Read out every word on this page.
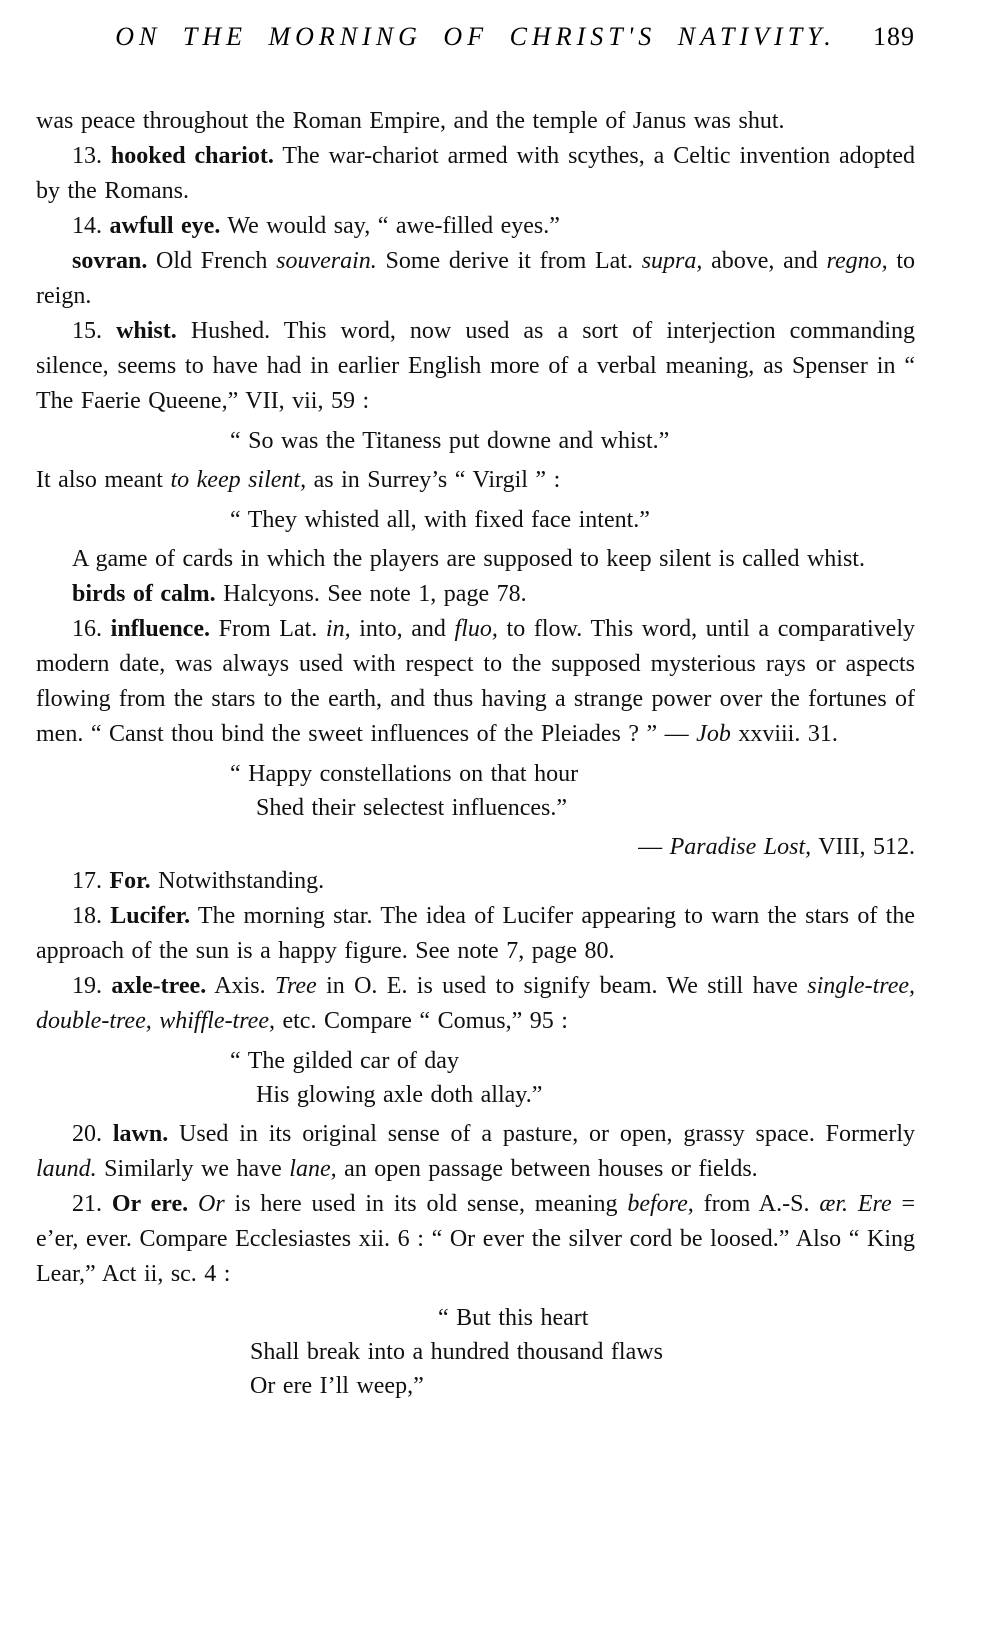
ON THE MORNING OF CHRIST'S NATIVITY. 189

was peace throughout the Roman Empire, and the temple of Janus was shut.

13. hooked chariot. The war-chariot armed with scythes, a Celtic invention adopted by the Romans.

14. awfull eye. We would say, “ awe-filled eyes.”

sovran. Old French souverain. Some derive it from Lat. supra, above, and regno, to reign.

15. whist. Hushed. This word, now used as a sort of interjection commanding silence, seems to have had in earlier English more of a verbal meaning, as Spenser in “ The Faerie Queene,” VII, vii, 59 :

“ So was the Titaness put downe and whist.”

It also meant to keep silent, as in Surrey’s “ Virgil ” :

“ They whisted all, with fixed face intent.”

A game of cards in which the players are supposed to keep silent is called whist.

birds of calm. Halcyons. See note 1, page 78.

16. influence. From Lat. in, into, and fluo, to flow. This word, until a comparatively modern date, was always used with respect to the supposed mysterious rays or aspects flowing from the stars to the earth, and thus having a strange power over the fortunes of men. “ Canst thou bind the sweet influences of the Pleiades ? ” — Job xxviii. 31.

“ Happy constellations on that hour
Shed their selectest influences.”

— Paradise Lost, VIII, 512.

17. For. Notwithstanding.

18. Lucifer. The morning star. The idea of Lucifer appearing to warn the stars of the approach of the sun is a happy figure. See note 7, page 80.

19. axle-tree. Axis. Tree in O. E. is used to signify beam. We still have single-tree, double-tree, whiffle-tree, etc. Compare “ Comus,” 95 :

“ The gilded car of day
His glowing axle doth allay.”

20. lawn. Used in its original sense of a pasture, or open, grassy space. Formerly laund. Similarly we have lane, an open passage between houses or fields.

21. Or ere. Or is here used in its old sense, meaning before, from A.-S. ær. Ere = e’er, ever. Compare Ecclesiastes xii. 6 : “ Or ever the silver cord be loosed.” Also “ King Lear,” Act ii, sc. 4 :

“ But this heart
Shall break into a hundred thousand flaws
Or ere I’ll weep,”
